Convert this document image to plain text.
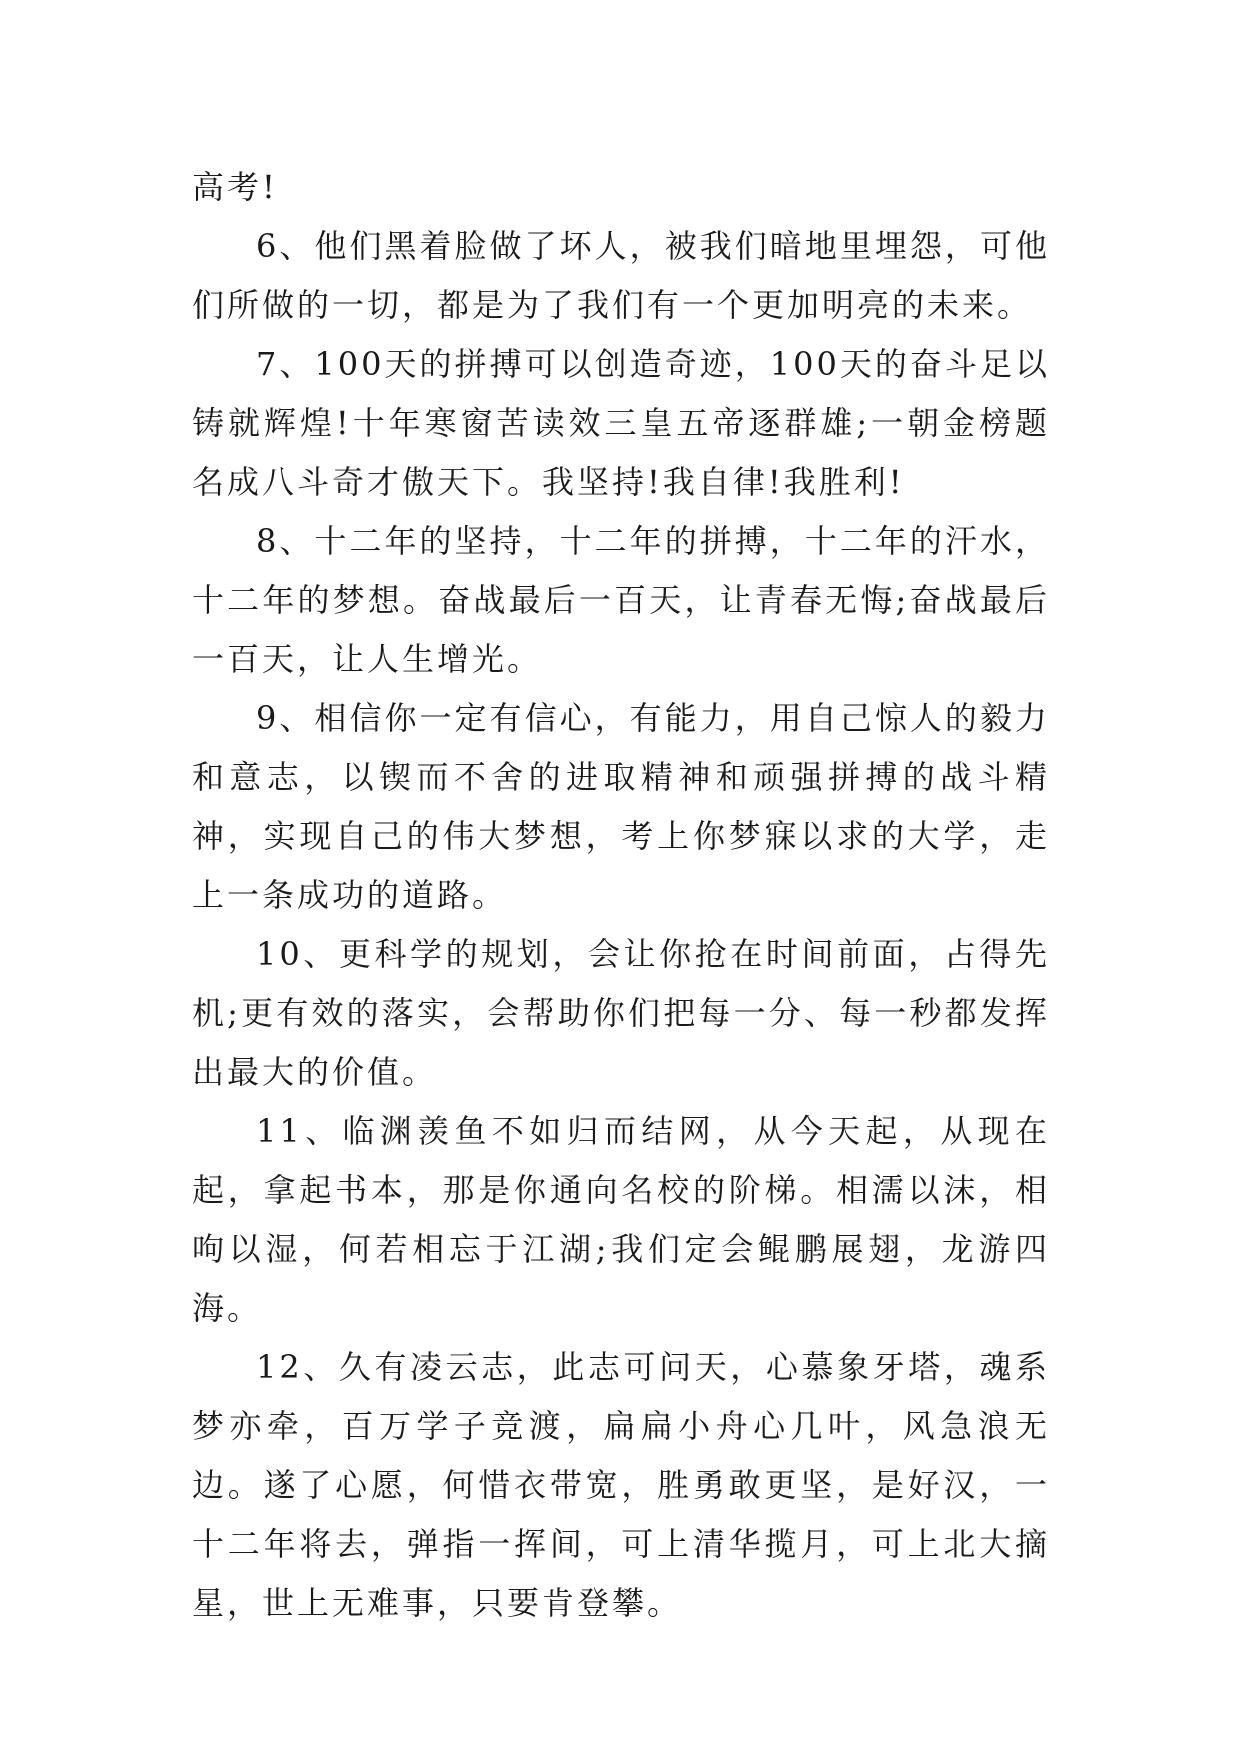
高考!

6、他们黑着脸做了坏人，被我们暗地里埋怨，可他们所做的一切，都是为了我们有一个更加明亮的未来。

7、100天的拼搏可以创造奇迹，100天的奋斗足以铸就辉煌!十年寒窗苦读效三皇五帝逐群雄;一朝金榜题名成八斗奇才傲天下。我坚持!我自律!我胜利!

8、十二年的坚持，十二年的拼搏，十二年的汗水，十二年的梦想。奋战最后一百天，让青春无悔;奋战最后一百天，让人生增光。

9、相信你一定有信心，有能力，用自己惊人的毅力和意志，以锲而不舍的进取精神和顽强拼搏的战斗精神，实现自己的伟大梦想，考上你梦寐以求的大学，走上一条成功的道路。

10、更科学的规划，会让你抢在时间前面，占得先机;更有效的落实，会帮助你们把每一分、每一秒都发挥出最大的价值。

11、临渊羡鱼不如归而结网，从今天起，从现在起，拿起书本，那是你通向名校的阶梯。相濡以沫，相呴以湿，何若相忘于江湖;我们定会鲲鹏展翅，龙游四海。

12、久有凌云志，此志可问天，心慕象牙塔，魂系梦亦牵，百万学子竞渡，扁扁小舟心几叶，风急浪无边。遂了心愿，何惜衣带宽，胜勇敢更坚，是好汉，一十二年将去，弹指一挥间，可上清华揽月，可上北大摘星，世上无难事，只要肯登攀。
